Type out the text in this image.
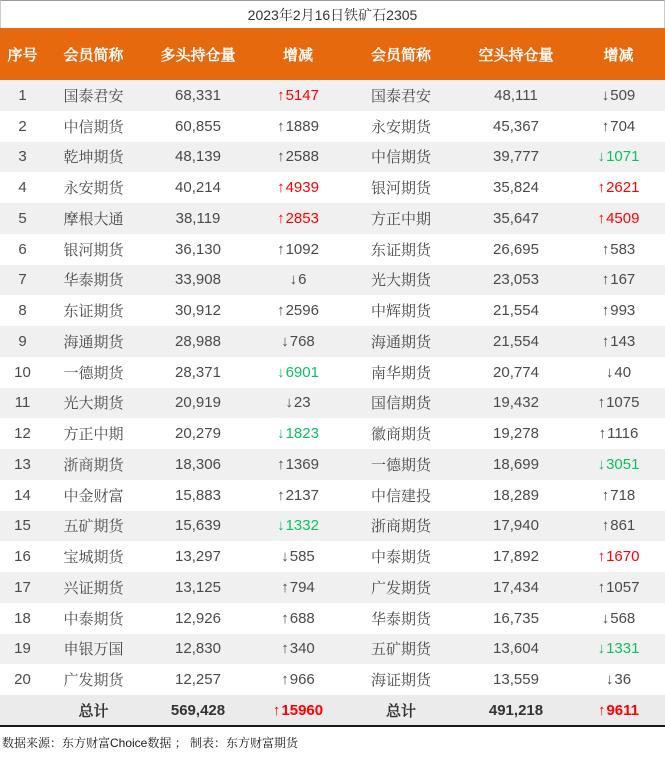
2023年2月16日铁矿石2305
序号	会员简称	多头持仓量	增减	会员简称	空头持仓量	增减
1	国泰君安	68,331	↑ 5147	国泰君安	48,111	↓ 509
2	中信期货	60,855	↑ 1889	永安期货	45,367	↑ 704
3	乾坤期货	48,139	↑ 2588	中信期货	39,777	↓ 1071
4	永安期货	40,214	↑ 4939	银河期货	35,824	↑ 2621
5	摩根大通	38,119	↑ 2853	方正中期	35,647	↑ 4509
6	银河期货	36,130	↑ 1092	东证期货	26,695	↑ 583
7	华泰期货	33,908	↓ 6	光大期货	23,053	↑ 167
8	东证期货	30,912	↑ 2596	中辉期货	21,554	↑ 993
9	海通期货	28,988	↓ 768	海通期货	21,554	↑ 143
10	一德期货	28,371	↓ 6901	南华期货	20,774	↓ 40
11	光大期货	20,919	↓ 23	国信期货	19,432	↑ 1075
12	方正中期	20,279	↓ 1823	徽商期货	19,278	↑ 1116
13	浙商期货	18,306	↑ 1369	一德期货	18,699	↓ 3051
14	中金财富	15,883	↑ 2137	中信建投	18,289	↑ 718
15	五矿期货	15,639	↓ 1332	浙商期货	17,940	↑ 861
16	宝城期货	13,297	↓ 585	中泰期货	17,892	↑ 1670
17	兴证期货	13,125	↑ 794	广发期货	17,434	↑ 1057
18	中泰期货	12,926	↑ 688	华泰期货	16,735	↓ 568
19	申银万国	12,830	↑ 340	五矿期货	13,604	↓ 1331
20	广发期货	12,257	↑ 966	海证期货	13,559	↓ 36
总计	569,428	↑ 15960	总计	491,218	↑ 9611
数据来源：东方财富Choice数据 ； 制表：东方财富期货
